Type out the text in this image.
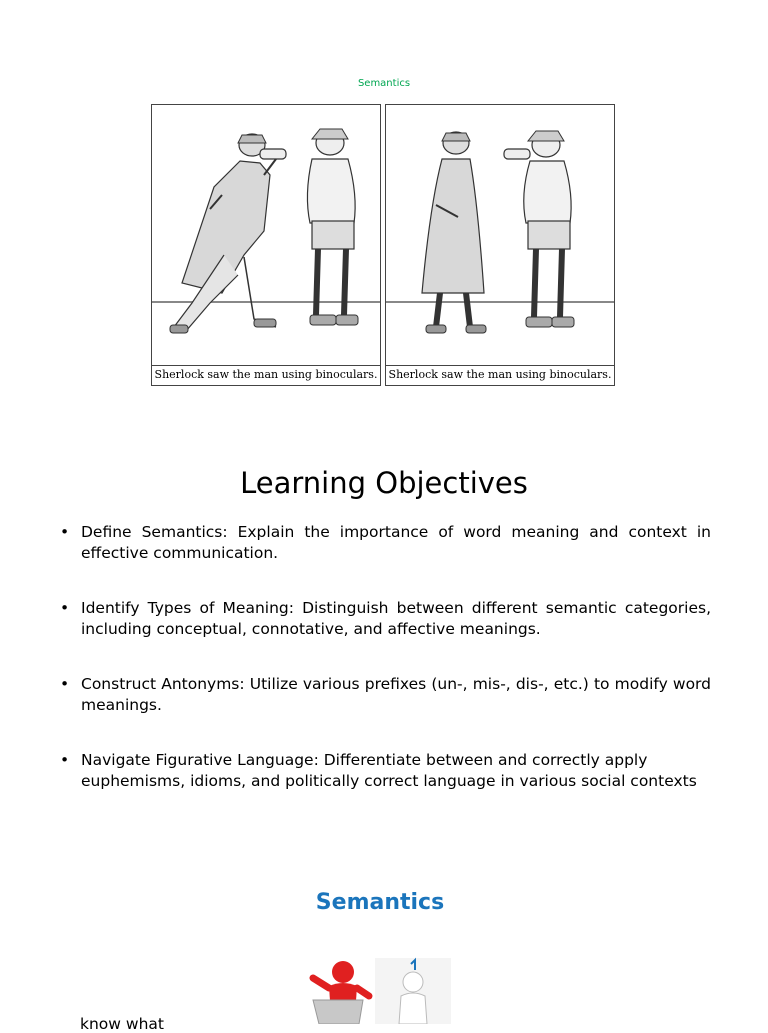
Semantics
Sherlock saw the man using binoculars. Sherlock saw the man using binoculars.
Learning Objectives
• Define Semantics: Explain the importance of word meaning and context in effective communication.
• Identify Types of Meaning: Distinguish between different semantic categories, including conceptual, connotative, and affective meanings.
• Construct Antonyms: Utilize various prefixes (un-, mis-, dis-, etc.) to modify word meanings.
• Navigate Figurative Language: Differentiate between and correctly apply euphemisms, idioms, and politically correct language in various social contexts
Semantics
know what
